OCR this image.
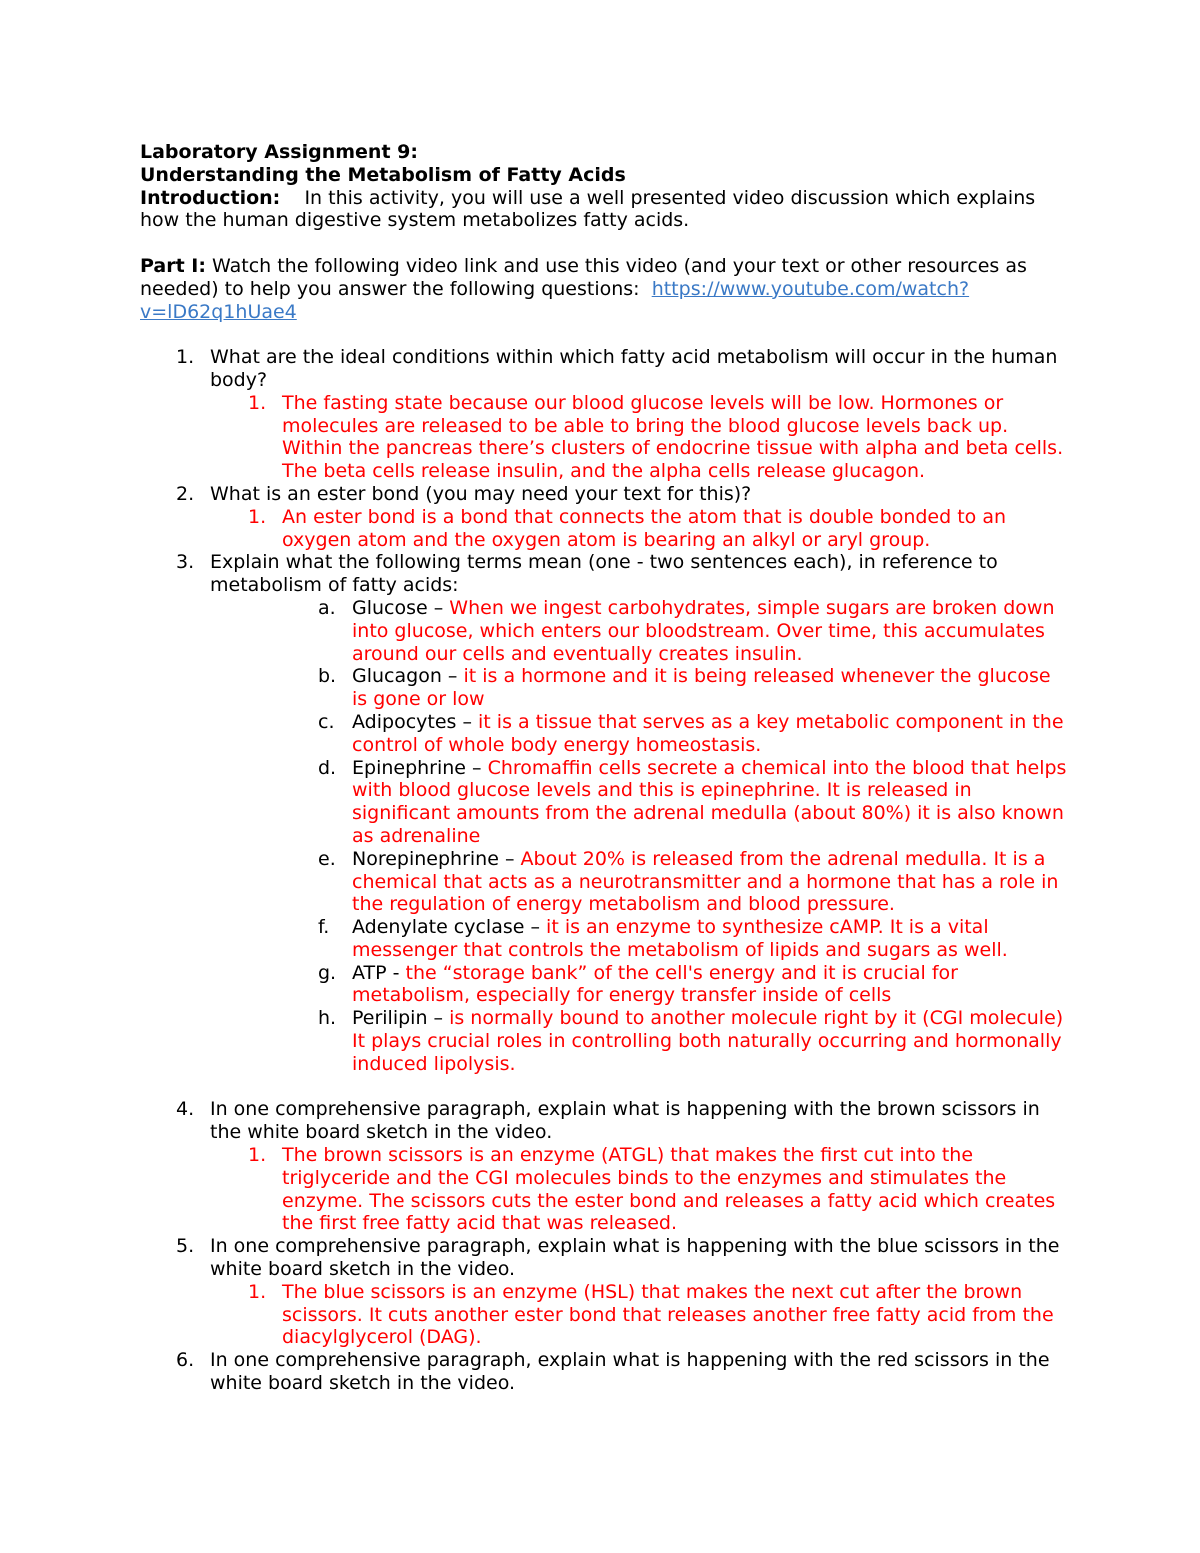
Laboratory Assignment 9:

Understanding the Metabolism of Fatty Acids

Introduction: In this activity, you will use a well presented video discussion which explains how the human digestive system metabolizes fatty acids.

Part I: Watch the following video link and use this video (and your text or other resources as needed) to help you answer the following questions: https://www.youtube.com/watch?v=lD62q1hUae4

1. What are the ideal conditions within which fatty acid metabolism will occur in the human body?
1. The fasting state because our blood glucose levels will be low. Hormones or molecules are released to be able to bring the blood glucose levels back up. Within the pancreas there’s clusters of endocrine tissue with alpha and beta cells. The beta cells release insulin, and the alpha cells release glucagon.
2. What is an ester bond (you may need your text for this)?
1. An ester bond is a bond that connects the atom that is double bonded to an oxygen atom and the oxygen atom is bearing an alkyl or aryl group.
3. Explain what the following terms mean (one - two sentences each), in reference to metabolism of fatty acids:
a. Glucose – When we ingest carbohydrates, simple sugars are broken down into glucose, which enters our bloodstream. Over time, this accumulates around our cells and eventually creates insulin.
b. Glucagon – it is a hormone and it is being released whenever the glucose is gone or low
c. Adipocytes – it is a tissue that serves as a key metabolic component in the control of whole body energy homeostasis.
d. Epinephrine – Chromaffin cells secrete a chemical into the blood that helps with blood glucose levels and this is epinephrine. It is released in significant amounts from the adrenal medulla (about 80%) it is also known as adrenaline
e. Norepinephrine – About 20% is released from the adrenal medulla. It is a chemical that acts as a neurotransmitter and a hormone that has a role in the regulation of energy metabolism and blood pressure.
f. Adenylate cyclase – it is an enzyme to synthesize cAMP. It is a vital messenger that controls the metabolism of lipids and sugars as well.
g. ATP - the “storage bank” of the cell's energy and it is crucial for metabolism, especially for energy transfer inside of cells
h. Perilipin – is normally bound to another molecule right by it (CGI molecule) It plays crucial roles in controlling both naturally occurring and hormonally induced lipolysis.
4. In one comprehensive paragraph, explain what is happening with the brown scissors in the white board sketch in the video.
1. The brown scissors is an enzyme (ATGL) that makes the first cut into the triglyceride and the CGI molecules binds to the enzymes and stimulates the enzyme. The scissors cuts the ester bond and releases a fatty acid which creates the first free fatty acid that was released.
5. In one comprehensive paragraph, explain what is happening with the blue scissors in the white board sketch in the video.
1. The blue scissors is an enzyme (HSL) that makes the next cut after the brown scissors. It cuts another ester bond that releases another free fatty acid from the diacylglycerol (DAG).
6. In one comprehensive paragraph, explain what is happening with the red scissors in the white board sketch in the video.
